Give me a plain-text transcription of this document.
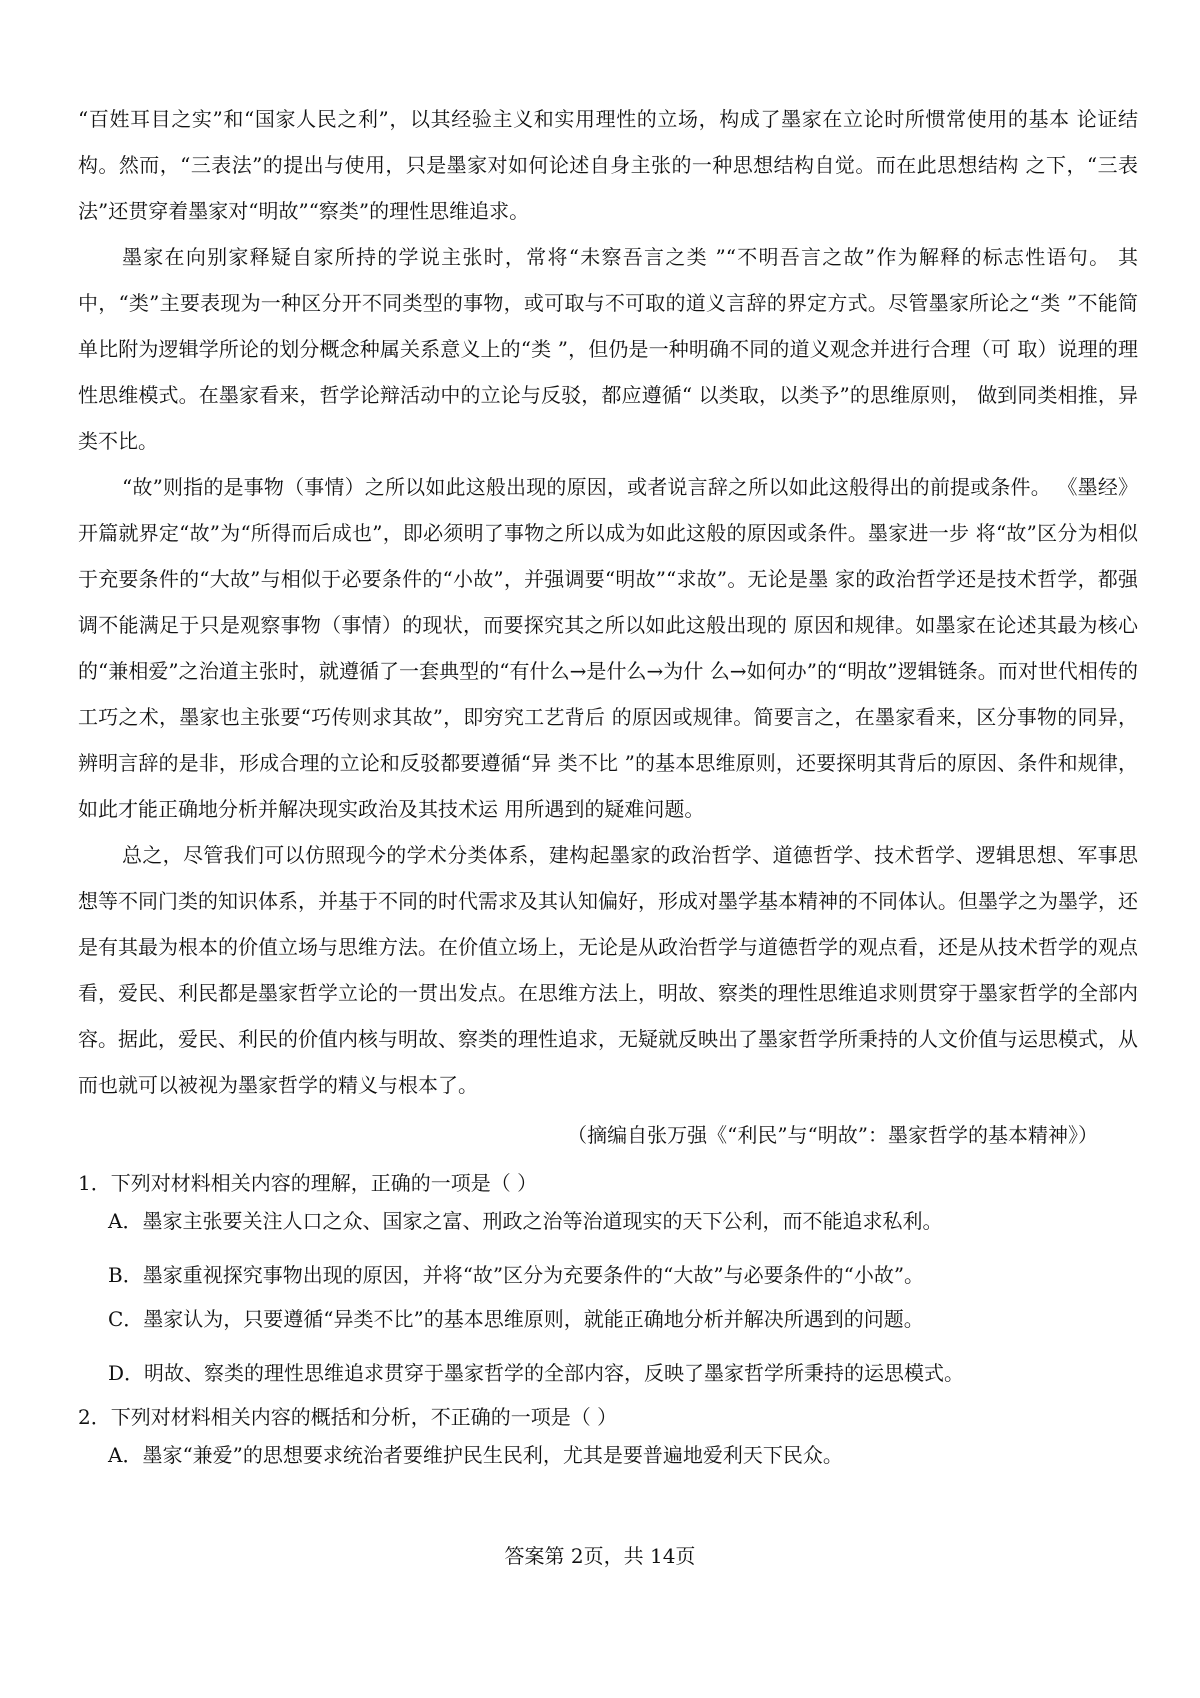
“百姓耳目之实”和“国家人民之利”，以其经验主义和实用理性的立场，构成了墨家在立论时所惯常使用的基本 论证结构。然而，“三表法”的提出与使用，只是墨家对如何论述自身主张的一种思想结构自觉。而在此思想结构 之下，“三表法”还贯穿着墨家对“明故”“察类”的理性思维追求。

墨家在向别家释疑自家所持的学说主张时，常将“未察吾言之类 ”“不明吾言之故”作为解释的标志性语句。 其中，“类”主要表现为一种区分开不同类型的事物，或可取与不可取的道义言辞的界定方式。尽管墨家所论之“类 ”不能简单比附为逻辑学所论的划分概念种属关系意义上的“类 ”，但仍是一种明确不同的道义观念并进行合理（可 取）说理的理性思维模式。在墨家看来，哲学论辩活动中的立论与反驳，都应遵循“ 以类取，以类予”的思维原则， 做到同类相推，异类不比。

“故”则指的是事物（事情）之所以如此这般出现的原因，或者说言辞之所以如此这般得出的前提或条件。 《墨经》开篇就界定“故”为“所得而后成也”，即必须明了事物之所以成为如此这般的原因或条件。墨家进一步 将“故”区分为相似于充要条件的“大故”与相似于必要条件的“小故”，并强调要“明故”“求故”。无论是墨 家的政治哲学还是技术哲学，都强调不能满足于只是观察事物（事情）的现状，而要探究其之所以如此这般出现的 原因和规律。如墨家在论述其最为核心的“兼相爱”之治道主张时，就遵循了一套典型的“有什么→是什么→为什 么→如何办”的“明故”逻辑链条。而对世代相传的工巧之术，墨家也主张要“巧传则求其故”，即穷究工艺背后 的原因或规律。简要言之，在墨家看来，区分事物的同异，辨明言辞的是非，形成合理的立论和反驳都要遵循“异 类不比 ”的基本思维原则，还要探明其背后的原因、条件和规律，如此才能正确地分析并解决现实政治及其技术运 用所遇到的疑难问题。

总之，尽管我们可以仿照现今的学术分类体系，建构起墨家的政治哲学、道德哲学、技术哲学、逻辑思想、军事思想等不同门类的知识体系，并基于不同的时代需求及其认知偏好，形成对墨学基本精神的不同体认。但墨学之为墨学，还是有其最为根本的价值立场与思维方法。在价值立场上，无论是从政治哲学与道德哲学的观点看，还是从技术哲学的观点看，爱民、利民都是墨家哲学立论的一贯出发点。在思维方法上，明故、察类的理性思维追求则贯穿于墨家哲学的全部内容。据此，爱民、利民的价值内核与明故、察类的理性追求，无疑就反映出了墨家哲学所秉持的人文价值与运思模式，从而也就可以被视为墨家哲学的精义与根本了。

（摘编自张万强《“利民”与“明故”：墨家哲学的基本精神》）

1．下列对材料相关内容的理解，正确的一项是（ ）

A．墨家主张要关注人口之众、国家之富、刑政之治等治道现实的天下公利，而不能追求私利。

B．墨家重视探究事物出现的原因，并将“故”区分为充要条件的“大故”与必要条件的“小故”。

C．墨家认为，只要遵循“异类不比”的基本思维原则，就能正确地分析并解决所遇到的问题。

D．明故、察类的理性思维追求贯穿于墨家哲学的全部内容，反映了墨家哲学所秉持的运思模式。

2．下列对材料相关内容的概括和分析，不正确的一项是（ ）

A．墨家“兼爱”的思想要求统治者要维护民生民利，尤其是要普遍地爱利天下民众。

答案第 2页，共 14页
